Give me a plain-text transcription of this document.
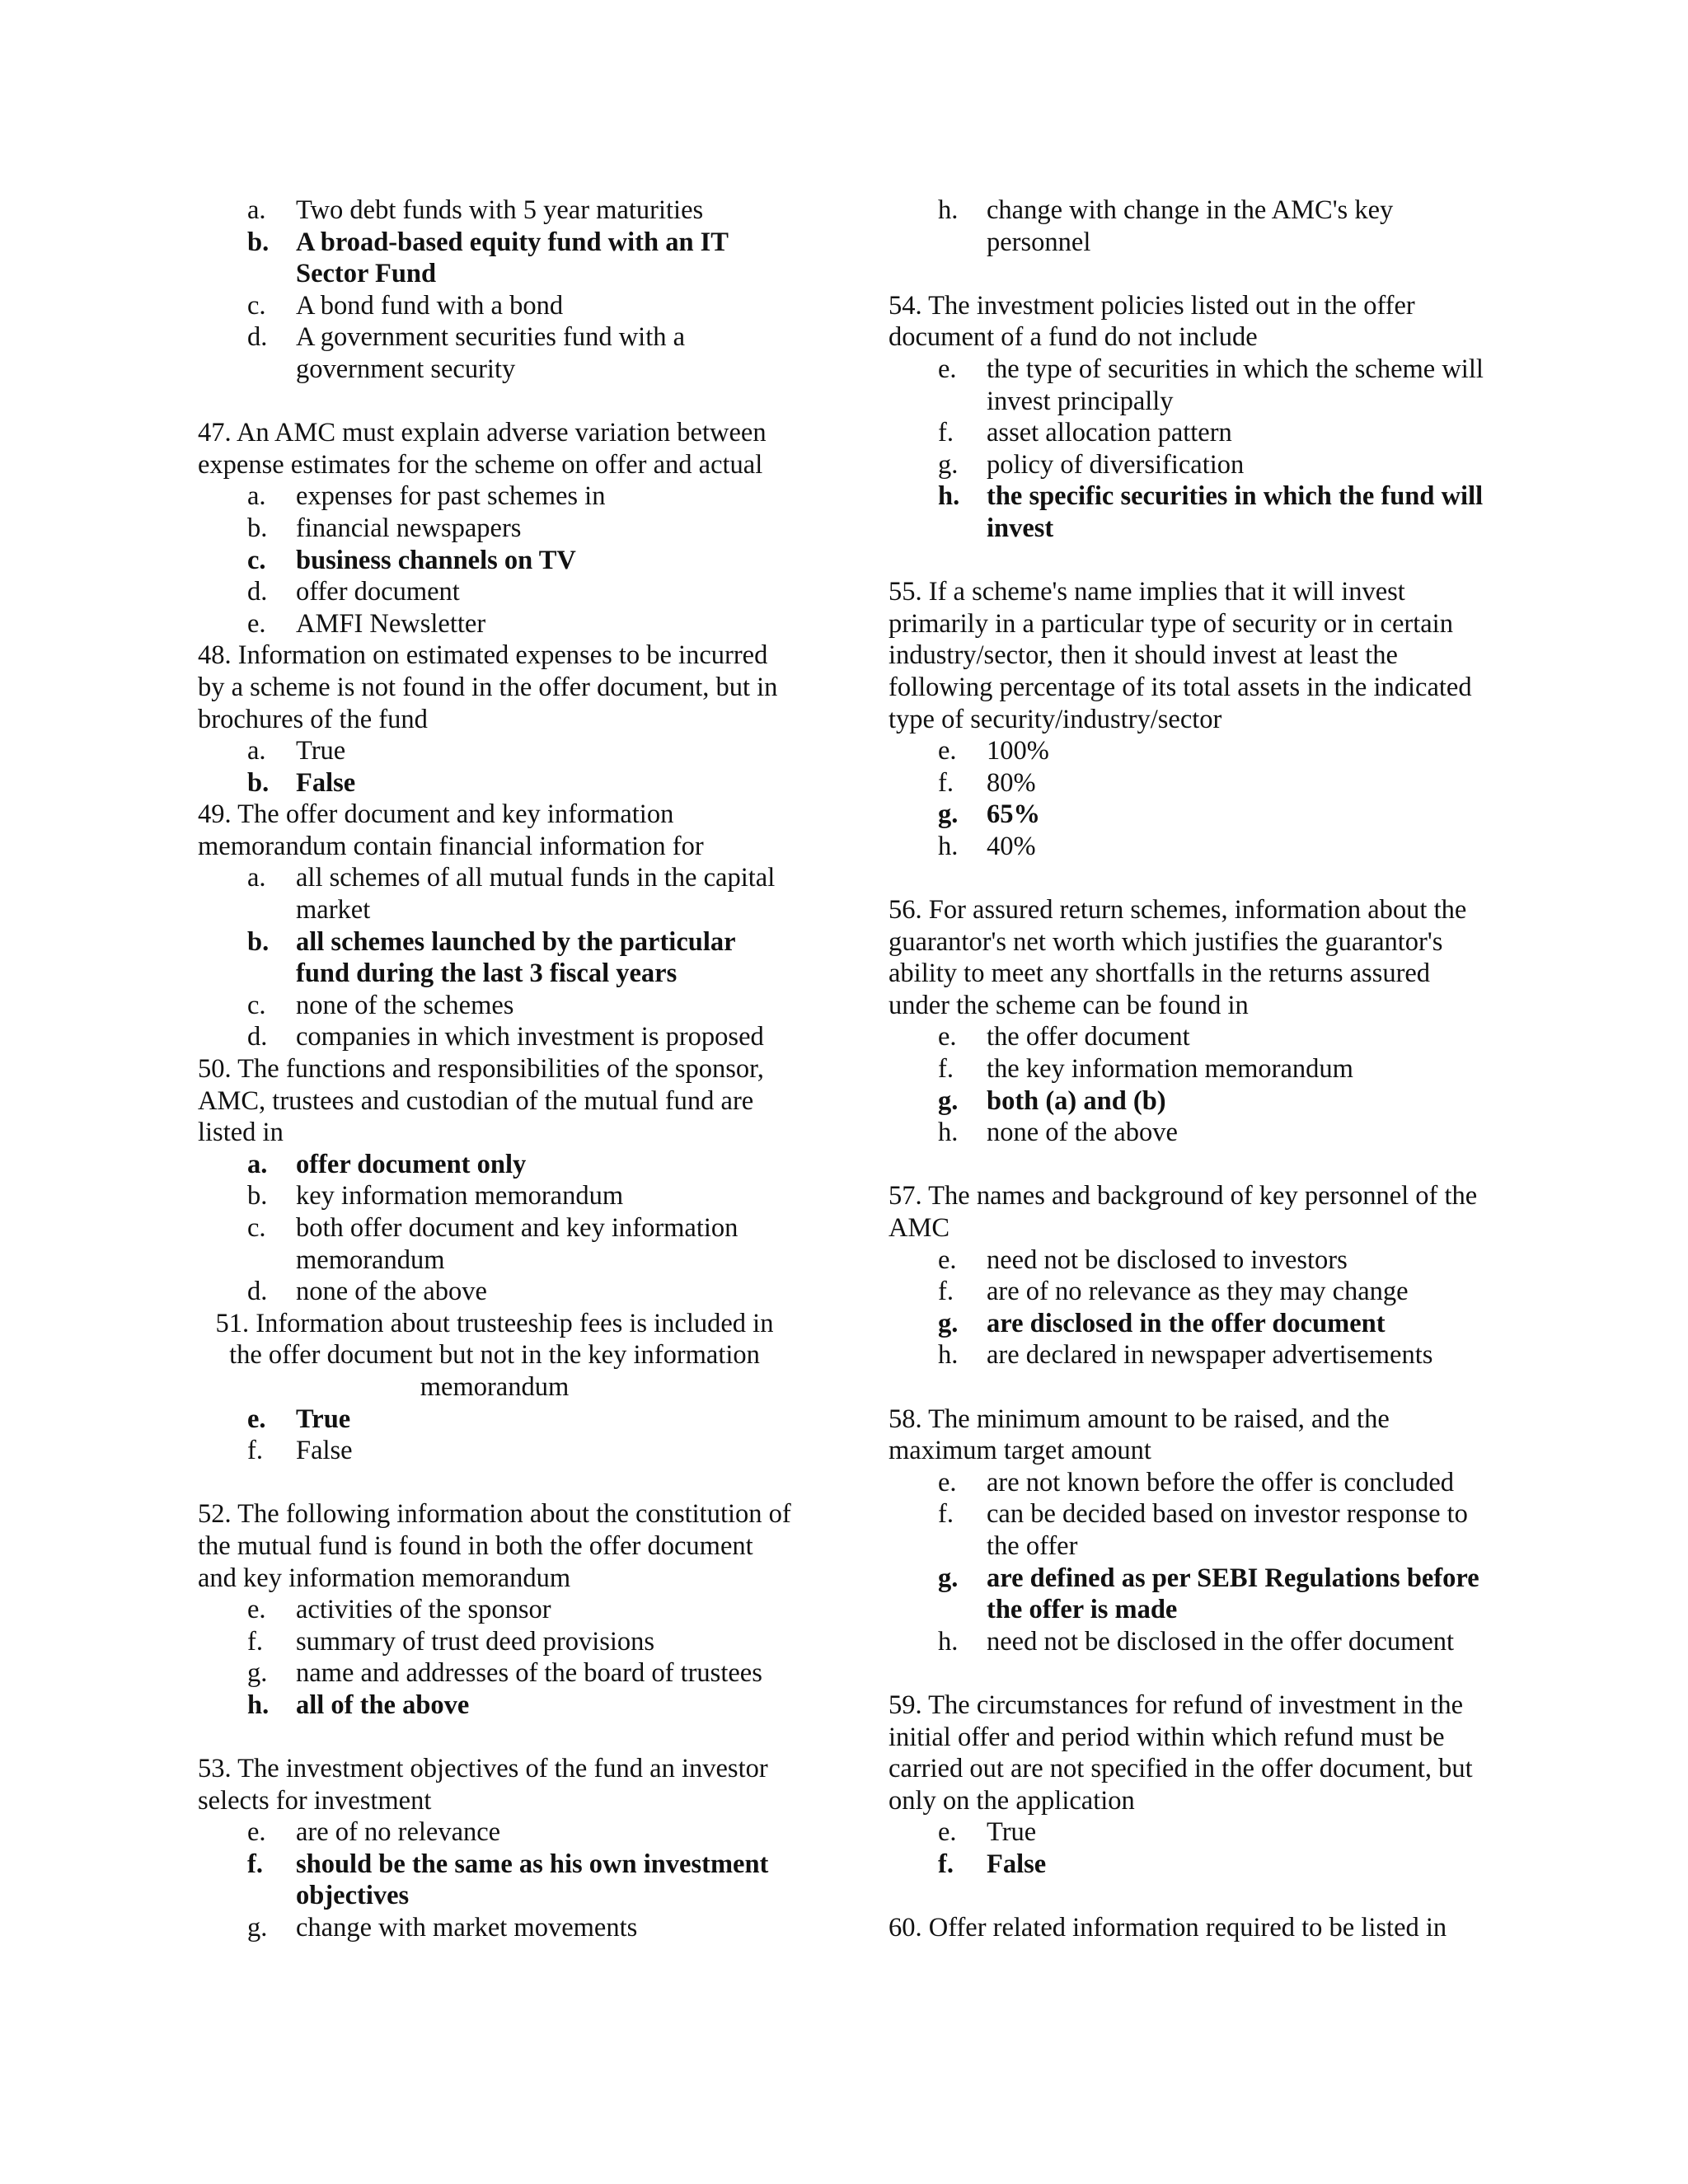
a.	Two debt funds with 5 year maturities
b.	A broad-based equity fund with an IT Sector Fund
c.	A bond fund with a bond
d.	A government securities fund with a government security

47. An AMC must explain adverse variation between expense estimates for the scheme on offer and actual

a.	expenses for past schemes in
b.	financial newspapers
c.	business channels on TV
d.	offer document
e.	AMFI Newsletter

48. Information on estimated expenses to be incurred by a scheme is not found in the offer document, but in brochures of the fund

a.	True
b.	False

49. The offer document and key information memorandum contain financial information for

a.	all schemes of all mutual funds in the capital market
b.	all schemes launched by the particular fund during the last 3 fiscal years
c.	none of the schemes
d.	companies in which investment is proposed

50. The functions and responsibilities of the sponsor, AMC, trustees and custodian of the mutual fund are listed in

a.	offer document only
b.	key information memorandum
c.	both offer document and key information memorandum
d.	none of the above

51. Information about trusteeship fees is included in the offer document but not in the key information memorandum

e.	True
f.	False

52. The following information about the constitution of the mutual fund is found in both the offer document and key information memorandum

e.	activities of the sponsor
f.	summary of trust deed provisions
g.	name and addresses of the board of trustees
h.	all of the above

53. The investment objectives of the fund an investor selects for investment

e.	are of no relevance
f.	should be the same as his own investment objectives
g.	change with market movements
h.	change with change in the AMC's key personnel

54. The investment policies listed out in the offer document of a fund do not include

e.	the type of securities in which the scheme will invest principally
f.	asset allocation pattern
g.	policy of diversification
h.	the specific securities in which the fund will invest

55. If a scheme's name implies that it will invest primarily in a particular type of security or in certain industry/sector, then it should invest at least the following percentage of its total assets in the indicated type of security/industry/sector

e.	100%
f.	80%
g.	65%
h.	40%

56. For assured return schemes, information about the guarantor's net worth which justifies the guarantor's ability to meet any shortfalls in the returns assured under the scheme can be found in

e.	the offer document
f.	the key information memorandum
g.	both (a) and (b)
h.	none of the above

57. The names and background of key personnel of the AMC

e.	need not be disclosed to investors
f.	are of no relevance as they may change
g.	are disclosed in the offer document
h.	are declared in newspaper advertisements

58. The minimum amount to be raised, and the maximum target amount

e.	are not known before the offer is concluded
f.	can be decided based on investor response to the offer
g.	are defined as per SEBI Regulations before the offer is made
h.	need not be disclosed in the offer document

59. The circumstances for refund of investment in the initial offer and period within which refund must be carried out are not specified in the offer document, but only on the application

e.	True
f.	False

60. Offer related information required to be listed in
